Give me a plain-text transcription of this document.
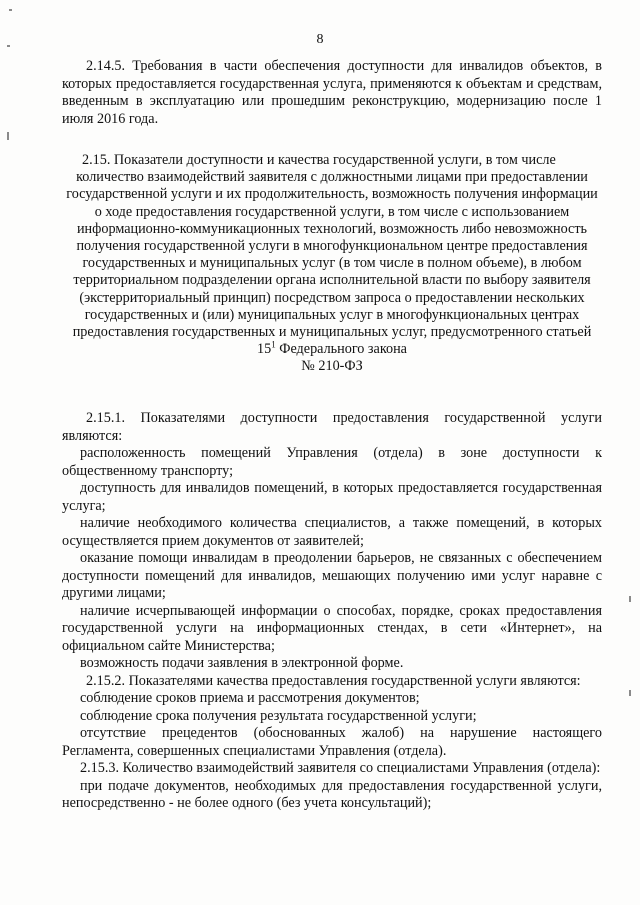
8

2.14.5. Требования в части обеспечения доступности для инвалидов объектов, в которых предоставляется государственная услуга, применяются к объектам и средствам, введенным в эксплуатацию или прошедшим реконструкцию, модернизацию после 1 июля 2016 года.

2.15. Показатели доступности и качества государственной услуги, в том числе
количество взаимодействий заявителя с должностными лицами при предоставлении государственной услуги и их продолжительность, возможность получения информации о ходе предоставления государственной услуги, в том числе с использованием информационно-коммуникационных технологий, возможность либо невозможность получения государственной услуги в многофункциональном центре предоставления государственных и муниципальных услуг (в том числе в полном объеме), в любом территориальном подразделении органа исполнительной власти по выбору заявителя (экстерриториальный принцип) посредством запроса о предоставлении нескольких государственных и (или) муниципальных услуг в многофункциональных центрах предоставления государственных и муниципальных услуг, предусмотренного статьей $15^1$ Федерального закона
№ 210-ФЗ

2.15.1. Показателями доступности предоставления государственной услуги являются:

расположенность помещений Управления (отдела) в зоне доступности к общественному транспорту;

доступность для инвалидов помещений, в которых предоставляется государственная услуга;

наличие необходимого количества специалистов, а также помещений, в которых осуществляется прием документов от заявителей;

оказание помощи инвалидам в преодолении барьеров, не связанных с обеспечением доступности помещений для инвалидов, мешающих получению ими услуг наравне с другими лицами;

наличие исчерпывающей информации о способах, порядке, сроках предоставления государственной услуги на информационных стендах, в сети «Интернет», на официальном сайте Министерства;

возможность подачи заявления в электронной форме.

2.15.2. Показателями качества предоставления государственной услуги являются:

соблюдение сроков приема и рассмотрения документов;

соблюдение срока получения результата государственной услуги;

отсутствие прецедентов (обоснованных жалоб) на нарушение настоящего Регламента, совершенных специалистами Управления (отдела).

2.15.3. Количество взаимодействий заявителя со специалистами Управления (отдела):

при подаче документов, необходимых для предоставления государственной услуги, непосредственно - не более одного (без учета консультаций);
